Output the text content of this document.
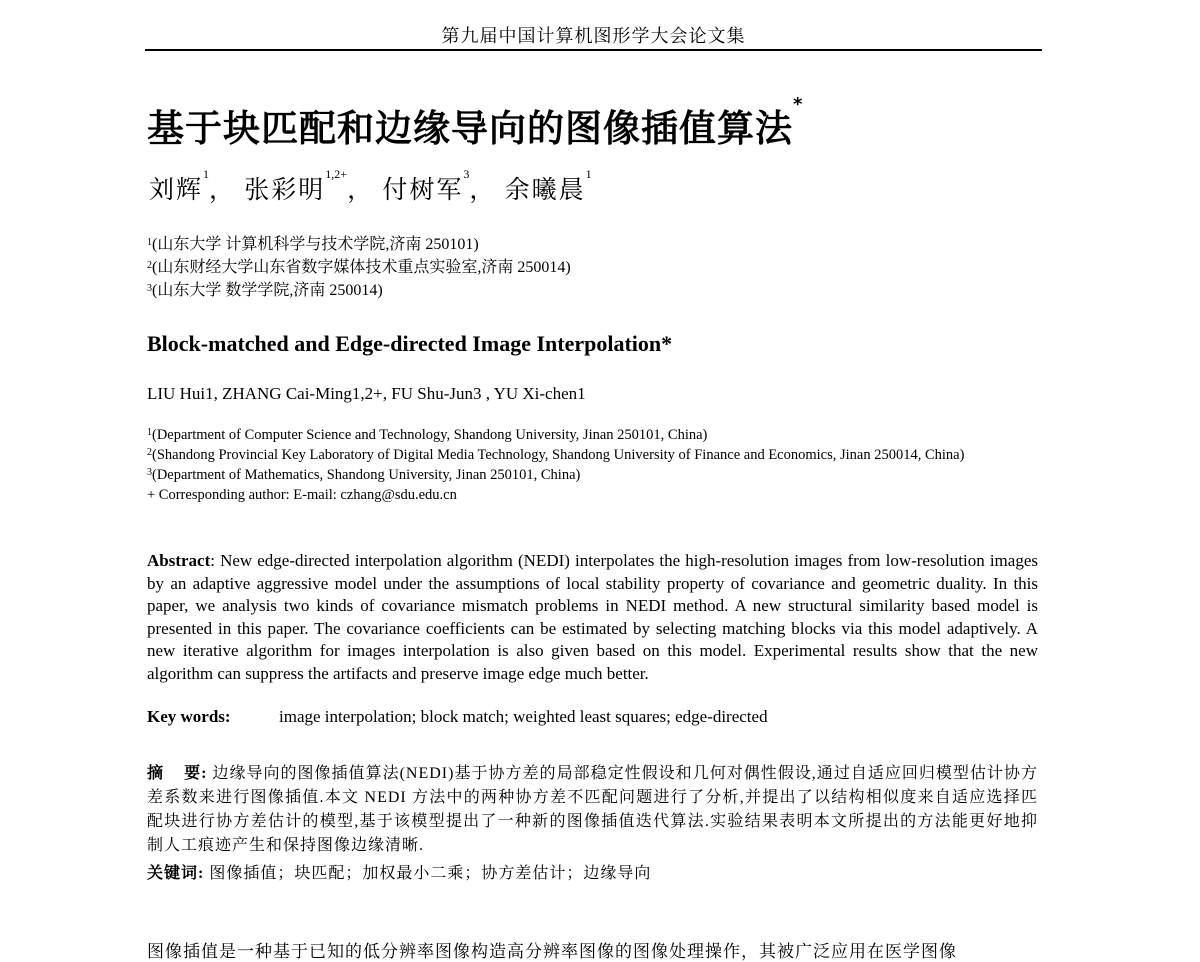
第九届中国计算机图形学大会论文集
基于块匹配和边缘导向的图像插值算法*
刘辉$^1$， 张彩明$^{1,2+}$， 付树军$^3$， 余曦晨$^1$
$^1$(山东大学 计算机科学与技术学院,济南 250101)
$^2$(山东财经大学山东省数字媒体技术重点实验室,济南 250014)
$^3$(山东大学 数学学院,济南 250014)
Block-matched and Edge-directed Image Interpolation*
LIU Hui1, ZHANG Cai-Ming1,2+, FU Shu-Jun3 , YU Xi-chen1
$^1$(Department of Computer Science and Technology, Shandong University, Jinan 250101, China)
$^2$(Shandong Provincial Key Laboratory of Digital Media Technology, Shandong University of Finance and Economics, Jinan 250014, China)
$^3$(Department of Mathematics, Shandong University, Jinan 250101, China)
+ Corresponding author: E-mail: czhang@sdu.edu.cn
Abstract: New edge-directed interpolation algorithm (NEDI) interpolates the high-resolution images from low-resolution images by an adaptive aggressive model under the assumptions of local stability property of covariance and geometric duality. In this paper, we analysis two kinds of covariance mismatch problems in NEDI method. A new structural similarity based model is presented in this paper. The covariance coefficients can be estimated by selecting matching blocks via this model adaptively. A new iterative algorithm for images interpolation is also given based on this model. Experimental results show that the new algorithm can suppress the artifacts and preserve image edge much better.
Key words:	image interpolation; block match; weighted least squares; edge-directed
摘    要: 边缘导向的图像插值算法(NEDI)基于协方差的局部稳定性假设和几何对偶性假设,通过自适应回归模型估计协方差系数来进行图像插值.本文 NEDI 方法中的两种协方差不匹配问题进行了分析,并提出了以结构相似度来自适应选择匹配块进行协方差估计的模型,基于该模型提出了一种新的图像插值迭代算法.实验结果表明本文所提出的方法能更好地抑制人工痕迹产生和保持图像边缘清晰.
关键词: 图像插值；块匹配；加权最小二乘；协方差估计；边缘导向
图像插值是一种基于已知的低分辨率图像构造高分辨率图像的图像处理操作，其被广泛应用在医学图像
